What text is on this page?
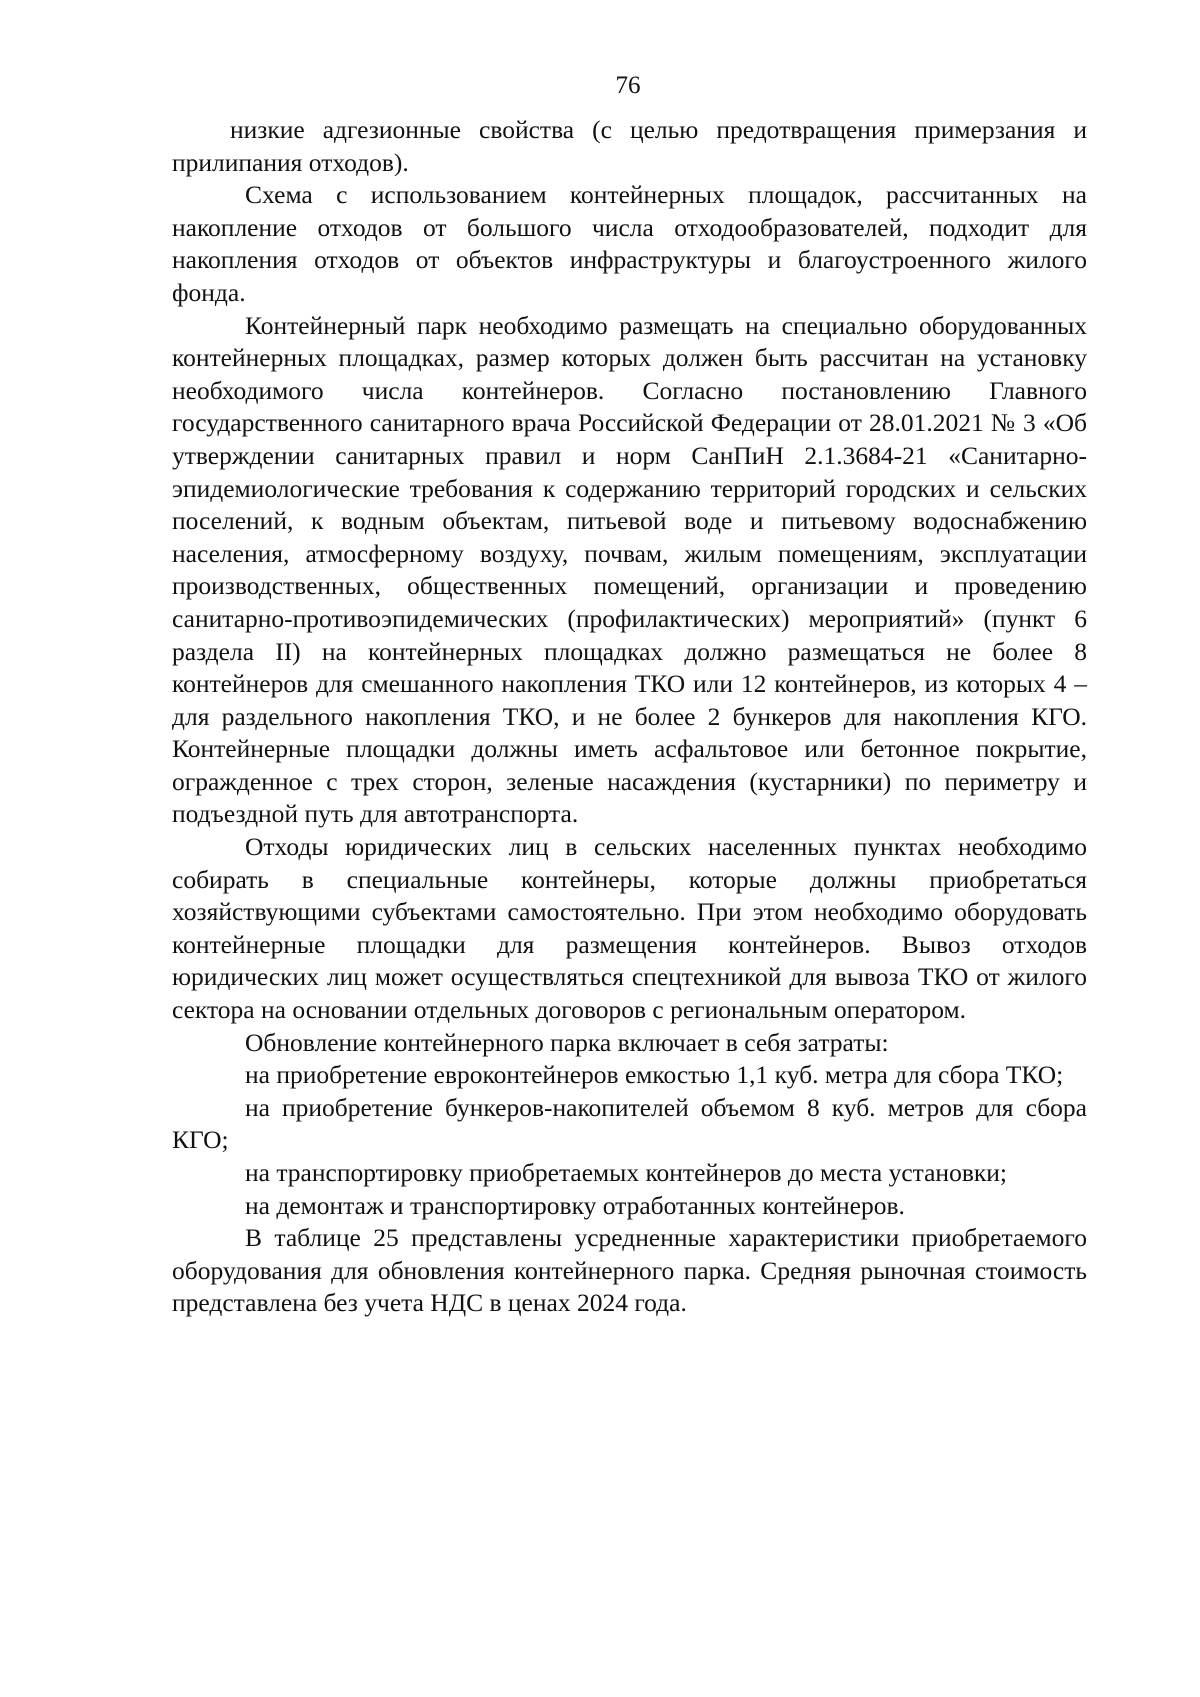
76

низкие адгезионные свойства (с целью предотвращения примерзания и прилипания отходов).

Схема с использованием контейнерных площадок, рассчитанных на накопление отходов от большого числа отходообразователей, подходит для накопления отходов от объектов инфраструктуры и благоустроенного жилого фонда.

Контейнерный парк необходимо размещать на специально оборудованных контейнерных площадках, размер которых должен быть рассчитан на установку необходимого числа контейнеров. Согласно постановлению Главного государственного санитарного врача Российской Федерации от 28.01.2021 № 3 «Об утверждении санитарных правил и норм СанПиН 2.1.3684-21 «Санитарно-эпидемиологические требования к содержанию территорий городских и сельских поселений, к водным объектам, питьевой воде и питьевому водоснабжению населения, атмосферному воздуху, почвам, жилым помещениям, эксплуатации производственных, общественных помещений, организации и проведению санитарно-противоэпидемических (профилактических) мероприятий» (пункт 6 раздела II) на контейнерных площадках должно размещаться не более 8 контейнеров для смешанного накопления ТКО или 12 контейнеров, из которых 4 – для раздельного накопления ТКО, и не более 2 бункеров для накопления КГО. Контейнерные площадки должны иметь асфальтовое или бетонное покрытие, огражденное с трех сторон, зеленые насаждения (кустарники) по периметру и подъездной путь для автотранспорта.

Отходы юридических лиц в сельских населенных пунктах необходимо собирать в специальные контейнеры, которые должны приобретаться хозяйствующими субъектами самостоятельно. При этом необходимо оборудовать контейнерные площадки для размещения контейнеров. Вывоз отходов юридических лиц может осуществляться спецтехникой для вывоза ТКО от жилого сектора на основании отдельных договоров с региональным оператором.

Обновление контейнерного парка включает в себя затраты:

на приобретение евроконтейнеров емкостью 1,1 куб. метра для сбора ТКО;

на приобретение бункеров-накопителей объемом 8 куб. метров для сбора КГО;

на транспортировку приобретаемых контейнеров до места установки;

на демонтаж и транспортировку отработанных контейнеров.

В таблице 25 представлены усредненные характеристики приобретаемого оборудования для обновления контейнерного парка. Средняя рыночная стоимость представлена без учета НДС в ценах 2024 года.
